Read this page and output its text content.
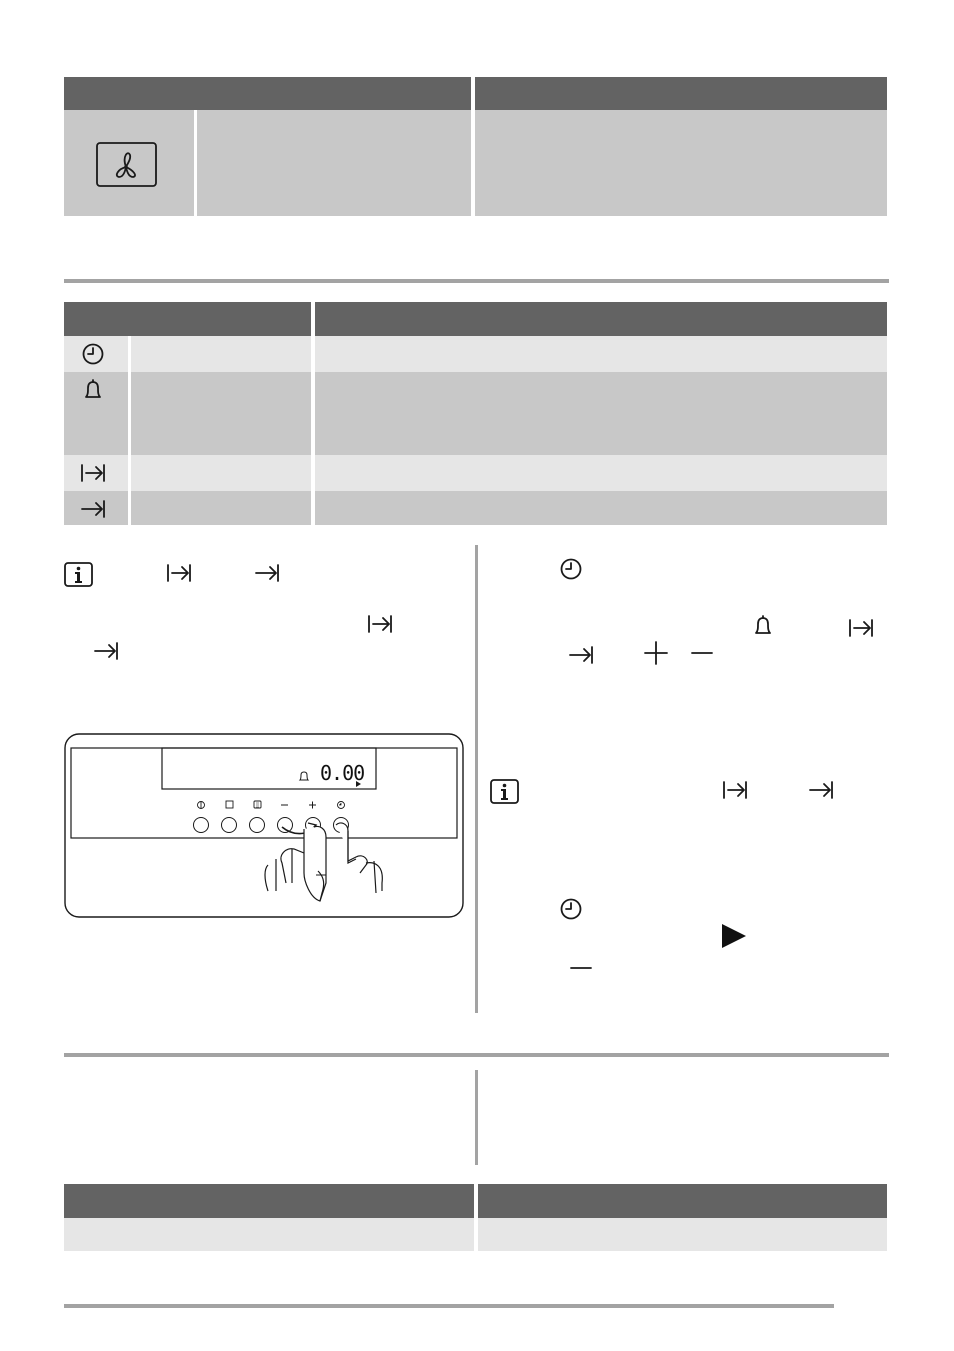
0.00
